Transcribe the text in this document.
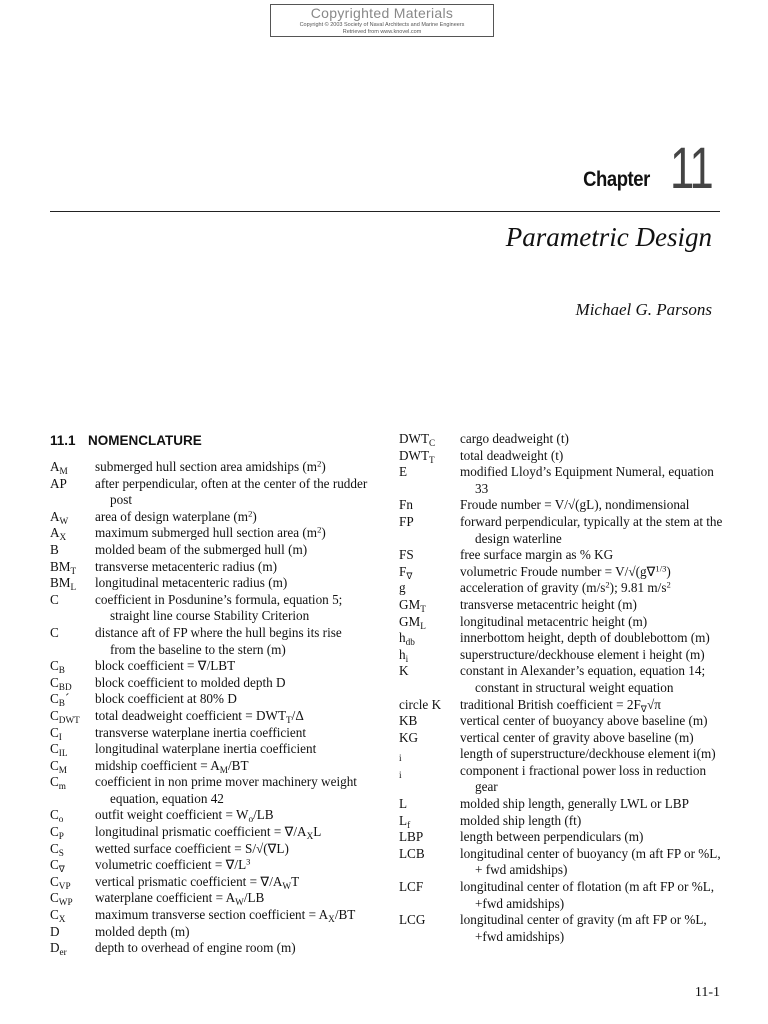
Copyrighted Materials
Copyright © 2003 Society of Naval Architects and Marine Engineers
Retrieved from www.knovel.com
Chapter 11
Parametric Design
Michael G. Parsons
11.1 NOMENCLATURE
$A_M$	submerged hull section area amidships $(m^2)$
AP	after perpendicular, often at the center of the rudder post
$A_W$	area of design waterplane $(m^2)$
$A_X$	maximum submerged hull section area $(m^2)$
B	molded beam of the submerged hull (m)
$BM_T$	transverse metacenteric radius (m)
$BM_L$	longitudinal metacenteric radius (m)
C	coefficient in Posdunine’s formula, equation 5; straight line course Stability Criterion
C	distance aft of FP where the hull begins its rise from the baseline to the stern (m)
$C_B$	block coefficient = ∇/LBT
$C_{BD}$	block coefficient to molded depth D
$C_B´$	block coefficient at 80% D
$C_{DWT}$	total deadweight coefficient = $DWT_T/\Delta$
$C_I$	transverse waterplane inertia coefficient
$C_{IL}$	longitudinal waterplane inertia coefficient
$C_M$	midship coefficient = $A_M/BT$
$C_m$	coefficient in non prime mover machinery weight equation, equation 42
$C_o$	outfit weight coefficient = $W_o/LB$
$C_P$	longitudinal prismatic coefficient = $\nabla/A_XL$
$C_S$	wetted surface coefficient = S/√(∇L)
$C_\nabla$	volumetric coefficient = $\nabla/L^3$
$C_{VP}$	vertical prismatic coefficient = $\nabla/A_WT$
$C_{WP}$	waterplane coefficient = $A_W/LB$
$C_X$	maximum transverse section coefficient = $A_X/BT$
D	molded depth (m)
$D_{er}$	depth to overhead of engine room (m)
$DWT_C$	cargo deadweight (t)
$DWT_T$	total deadweight (t)
E	modified Lloyd’s Equipment Numeral, equation 33
Fn	Froude number = V/√(gL), nondimensional
FP	forward perpendicular, typically at the stem at the design waterline
FS	free surface margin as % KG
$F_\nabla$	volumetric Froude number = V/√(g∇$^{1/3}$)
g	acceleration of gravity $(m/s^2)$; 9.81 $m/s^2$
$GM_T$	transverse metacentric height (m)
$GM_L$	longitudinal metacentric height (m)
$h_{db}$	innerbottom height, depth of doublebottom (m)
$h_i$	superstructure/deckhouse element i height (m)
K	constant in Alexander’s equation, equation 14; constant in structural weight equation
circle K	traditional British coefficient = $2F_\nabla√\pi$
KB	vertical center of buoyancy above baseline (m)
KG	vertical center of gravity above baseline (m)
$_i$	length of superstructure/deckhouse element i(m)
$_i$	component i fractional power loss in reduction gear
L	molded ship length, generally LWL or LBP
$L_f$	molded ship length (ft)
LBP	length between perpendiculars (m)
LCB	longitudinal center of buoyancy (m aft FP or %L, + fwd amidships)
LCF	longitudinal center of flotation (m aft FP or %L, +fwd amidships)
LCG	longitudinal center of gravity (m aft FP or %L, +fwd amidships)
11-1
